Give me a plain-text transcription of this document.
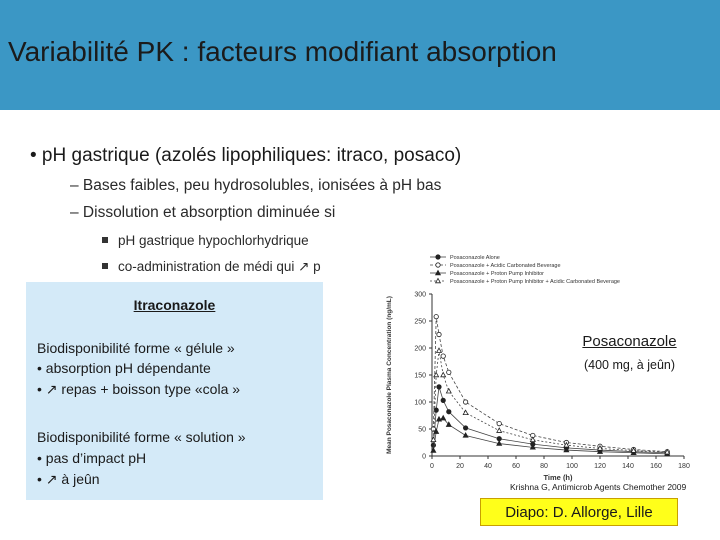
Variabilité PK : facteurs modifiant absorption
• pH gastrique (azolés lipophiliques: itraco, posaco)
– Bases faibles, peu hydrosolubles, ionisées à pH bas
– Dissolution et absorption diminuée si
pH gastrique hypochlorhydrique
co-administration de médi qui ↗ p
Itraconazole
Biodisponibilité forme « gélule »
• absorption pH dépendante
• ↗ repas + boisson type «cola »
Biodisponibilité forme « solution »
• pas d’impact pH
• ↗ à jeûn
0	20	40	60	80	100 120 140 160 180
0
50
100
150
200
250
300
Time (h)
Mean Posaconazole Plasma Concentration (ng/mL)
Posaconazole Alone
Posaconazole + Acidic Carbonated Beverage
Posaconazole + Proton Pump Inhibitor
Posaconazole + Proton Pump Inhibitor + Acidic Carbonated Beverage
Posaconazole
(400 mg, à jeûn)
Krishna G, Antimicrob Agents Chemother 2009
Diapo: D. Allorge, Lille
